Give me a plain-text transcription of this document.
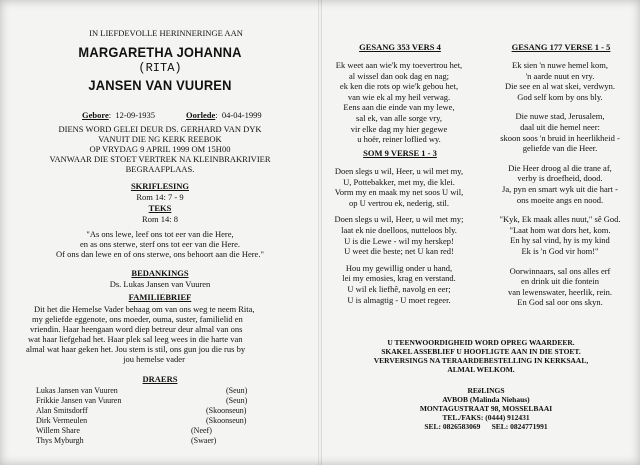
IN LIEFDEVOLLE HERINNERINGE AAN
MARGARETHA JOHANNA
(RITA)
JANSEN VAN VUUREN
Gebore:  12-09-1935	Oorlede:  04-04-1999
DIENS WORD GELEI DEUR DS. GERHARD VAN DYK
VANUIT DIE NG KERK REEBOK
OP VRYDAG 9 APRIL 1999 OM 15H00
VANWAAR DIE STOET VERTREK NA KLEINBRAKRIVIER
BEGRAAFPLAAS.
SKRIFLESING
Rom 14: 7 - 9
TEKS
Rom 14: 8
"As ons lewe, leef ons tot eer van die Here,
en as ons sterwe, sterf ons tot eer van die Here.
Of ons dan lewe en of ons sterwe, ons behoort aan die Here."
BEDANKINGS
Ds. Lukas Jansen van Vuuren
FAMILIEBRIEF
Dit het die Hemelse Vader behaag om van ons weg te neem Rita,
my geliefde eggenote, ons moeder, ouma, suster, familielid en
vriendin. Haar heengaan word diep betreur deur almal van ons
wat haar liefgehad het. Haar plek sal leeg wees in die harte van
almal wat haar geken het. Jou stem is stil, ons gun jou die rus by
jou hemelse vader
DRAERS
Lukas Jansen van Vuuren	(Seun)
Frikkie Jansen van Vuuren	(Seun)
Alan Smitsdorff	(Skoonseun)
Dirk Vermeulen	(Skoonseun)
Willem Share	(Neef)
Thys Myburgh	(Swaer)
GESANG 353 VERS 4
Ek weet aan wie'k my toevertrou het,
al wissel dan ook dag en nag;
ek ken die rots op wie'k gebou het,
van wie ek al my heil verwag.
Eens aan die einde van my lewe,
sal ek, van alle sorge vry,
vir elke dag my hier gegewe
u hoër, reiner loflied wy.
SOM 9 VERSE 1 - 3
Doen slegs u wil, Heer, u wil met my,
U, Pottebakker, met my, die klei.
Vorm my en maak my net soos U wil,
op U vertrou ek, nederig, stil.
Doen slegs u wil, Heer, u wil met my;
laat ek nie doelloos, nutteloos bly.
U is die Lewe - wil my herskep!
U weet die beste; net U kan red!
Hou my gewillig onder u hand,
lei my emosies, krag en verstand.
U wil ek liefhê, navolg en eer;
U is almagtig - U moet regeer.
GESANG 177 VERSE 1 - 5
Ek sien 'n nuwe hemel kom,
'n aarde nuut en vry.
Die see en al wat skei, verdwyn.
God self kom by ons bly.
Die nuwe stad, Jerusalem,
daal uit die hemel neer:
skoon soos 'n bruid in heerlikheid -
geliefde van die Heer.
Die Heer droog al die trane af,
verby is droefheid, dood.
Ja, pyn en smart wyk uit die hart -
ons moeite angs en nood.
"Kyk, Ek maak alles nuut," sê God.
"Laat hom wat dors het, kom.
En hy sal vind, hy is my kind
Ek is 'n God vir hom!"
Oorwinnaars, sal ons alles erf
en drink uit die fontein
van lewenswater, heerlik, rein.
En God sal oor ons skyn.
U TEENWOORDIGHEID WORD OPREG WAARDEER.
SKAKEL ASSEBLIEF U HOOFLIGTE AAN IN DIE STOET.
VERVERSINGS NA TERAARDEBESTELLING IN KERKSAAL,
ALMAL WELKOM.
REëLINGS
AVBOB (Malinda Niehaus)
MONTAGUSTRAAT 98, MOSSELBAAI
TEL./FAKS: (0444) 912431
SEL: 0826583069 SEL: 0824771991
